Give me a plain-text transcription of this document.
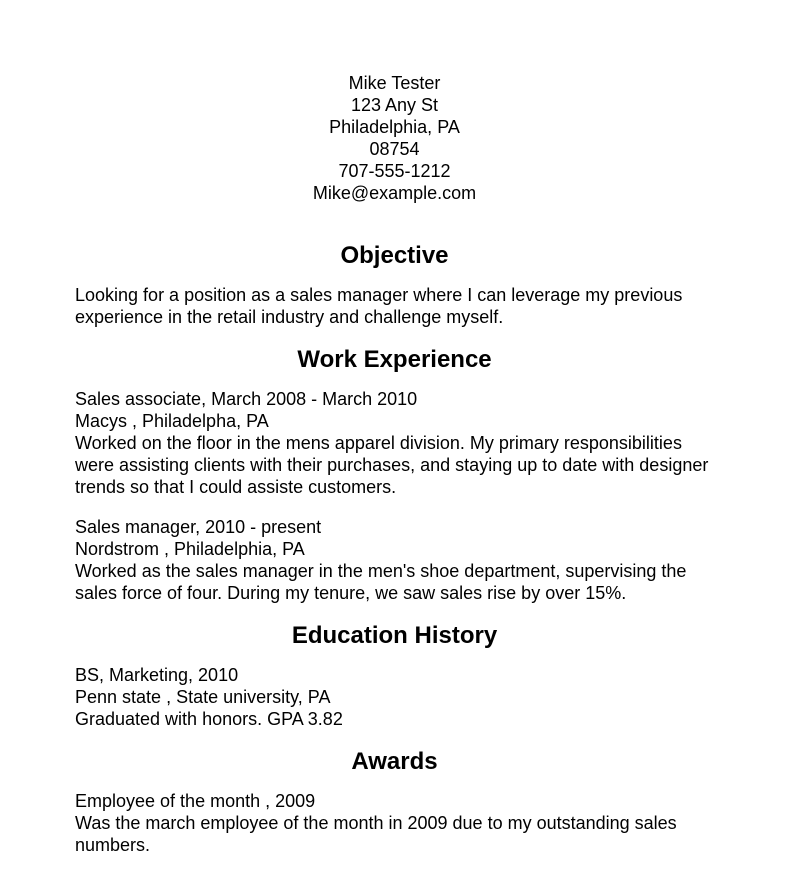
Mike Tester
123 Any St
Philadelphia, PA
08754
707-555-1212
Mike@example.com
Objective
Looking for a position as a sales manager where I can leverage my previous experience in the retail industry and challenge myself.
Work Experience
Sales associate, March 2008 - March 2010
Macys , Philadelpha, PA
Worked on the floor in the mens apparel division. My primary responsibilities were assisting clients with their purchases, and staying up to date with designer trends so that I could assiste customers.
Sales manager, 2010 - present
Nordstrom , Philadelphia, PA
Worked as the sales manager in the men's shoe department, supervising the sales force of four. During my tenure, we saw sales rise by over 15%.
Education History
BS, Marketing, 2010
Penn state , State university, PA
Graduated with honors. GPA 3.82
Awards
Employee of the month , 2009
Was the march employee of the month in 2009 due to my outstanding sales numbers.
